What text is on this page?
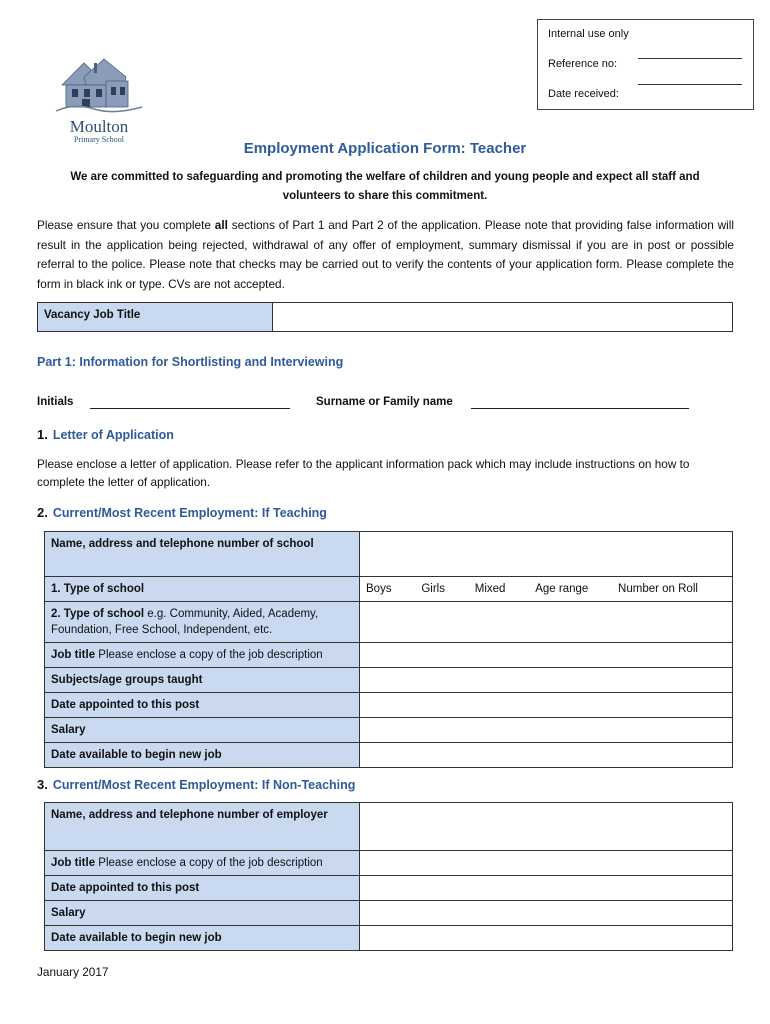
Internal use only
Reference no:
Date received:
Moulton
Primary School
Employment Application Form: Teacher
We are committed to safeguarding and promoting the welfare of children and young people and expect all staff and volunteers to share this commitment.
Please ensure that you complete all sections of Part 1 and Part 2 of the application. Please note that providing false information will result in the application being rejected, withdrawal of any offer of employment, summary dismissal if you are in post or possible referral to the police. Please note that checks may be carried out to verify the contents of your application form. Please complete the form in black ink or type. CVs are not accepted.
Vacancy Job Title	
Part 1: Information for Shortlisting and Interviewing
Initials	Surname or Family name
1. Letter of Application
Please enclose a letter of application. Please refer to the applicant information pack which may include instructions on how to complete the letter of application.
2. Current/Most Recent Employment: If Teaching
Name, address and telephone number of school	
1. Type of school	Boys Girls Mixed Age range Number on Roll

2. Type of school e.g. Community, Aided, Academy, Foundation, Free School, Independent, etc.	
Job title Please enclose a copy of the job description	
Subjects/age groups taught	
Date appointed to this post	
Salary	
Date available to begin new job	
3. Current/Most Recent Employment: If Non-Teaching
Name, address and telephone number of employer	
Job title Please enclose a copy of the job description	
Date appointed to this post	
Salary	
Date available to begin new job	
January 2017
